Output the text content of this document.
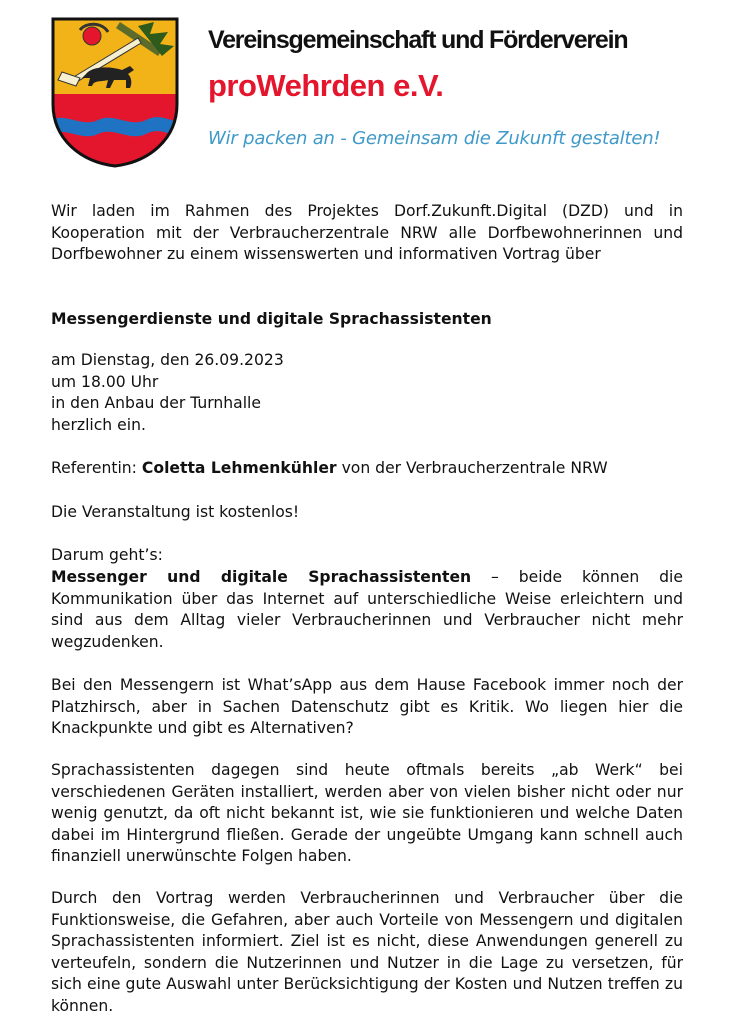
Vereinsgemeinschaft und Förderverein
proWehrden e.V.
Wir packen an - Gemeinsam die Zukunft gestalten!
Wir laden im Rahmen des Projektes Dorf.Zukunft.Digital (DZD) und in Kooperation mit der Verbraucherzentrale NRW alle Dorfbewohnerinnen und Dorfbewohner zu einem wissenswerten und informativen Vortrag über
Messengerdienste und digitale Sprachassistenten
am Dienstag, den 26.09.2023
um 18.00 Uhr
in den Anbau der Turnhalle
herzlich ein.
Referentin: Coletta Lehmenkühler von der Verbraucherzentrale NRW
Die Veranstaltung ist kostenlos!
Darum geht’s:
Messenger und digitale Sprachassistenten – beide können die Kommunikation über das Internet auf unterschiedliche Weise erleichtern und sind aus dem Alltag vieler Verbraucherinnen und Verbraucher nicht mehr wegzudenken.
Bei den Messengern ist What’sApp aus dem Hause Facebook immer noch der Platzhirsch, aber in Sachen Datenschutz gibt es Kritik. Wo liegen hier die Knackpunkte und gibt es Alternativen?
Sprachassistenten dagegen sind heute oftmals bereits „ab Werk“ bei verschiedenen Geräten installiert, werden aber von vielen bisher nicht oder nur wenig genutzt, da oft nicht bekannt ist, wie sie funktionieren und welche Daten dabei im Hintergrund fließen. Gerade der ungeübte Umgang kann schnell auch finanziell unerwünschte Folgen haben.
Durch den Vortrag werden Verbraucherinnen und Verbraucher über die Funktionsweise, die Gefahren, aber auch Vorteile von Messengern und digitalen Sprachassistenten informiert. Ziel ist es nicht, diese Anwendungen generell zu verteufeln, sondern die Nutzerinnen und Nutzer in die Lage zu versetzen, für sich eine gute Auswahl unter Berücksichtigung der Kosten und Nutzen treffen zu können.
